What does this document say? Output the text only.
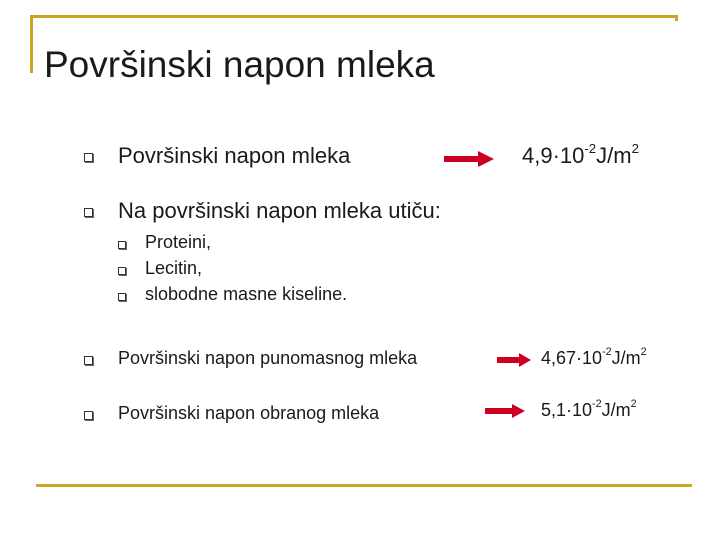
Površinski napon mleka
Površinski napon mleka	$4,9\cdot 10^{-2}J/m^2$
Na površinski napon mleka utiču:
Proteini,
Lecitin,
slobodne masne kiseline.
Površinski napon punomasnog mleka	$4,67\cdot 10^{-2}J/m^2$
Površinski napon obranog mleka	$5,1\cdot 10^{-2}J/m^2$
